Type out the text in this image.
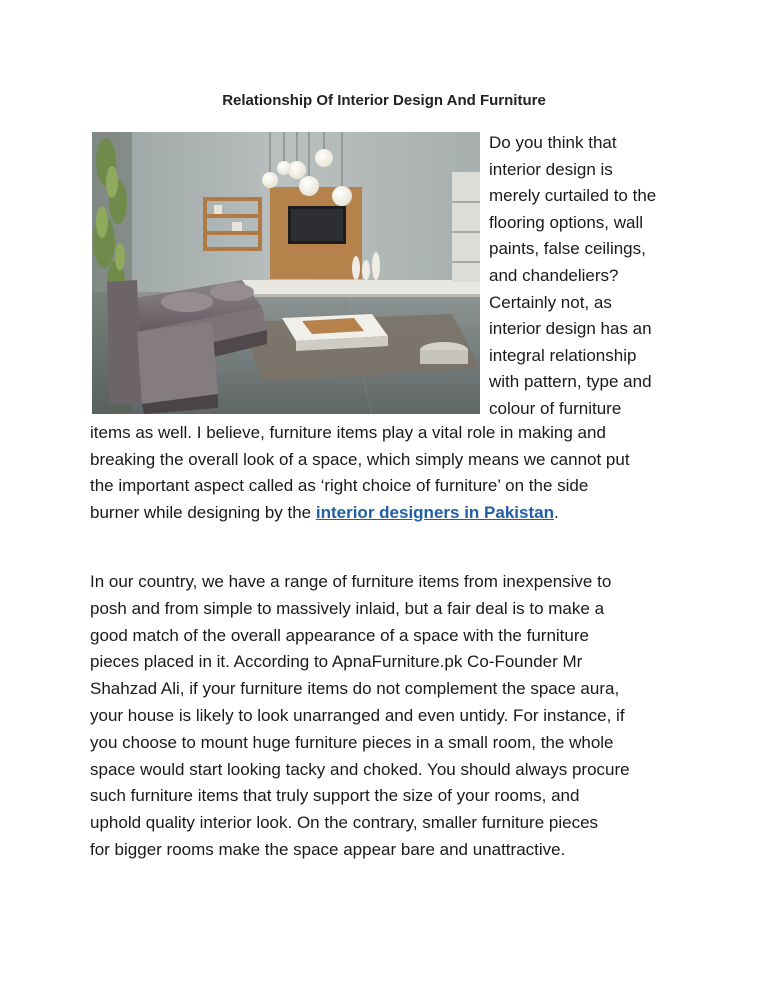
Relationship Of Interior Design And Furniture
Do you think that
interior design is
merely curtailed to the
flooring options, wall
paints, false ceilings,
and chandeliers?
Certainly not, as
interior design has an
integral relationship
with pattern, type and
colour of furniture
items as well. I believe, furniture items play a vital role in making and
breaking the overall look of a space, which simply means we cannot put
the important aspect called as ‘right choice of furniture’ on the side
burner while designing by the interior designers in Pakistan.
In our country, we have a range of furniture items from inexpensive to
posh and from simple to massively inlaid, but a fair deal is to make a
good match of the overall appearance of a space with the furniture
pieces placed in it. According to ApnaFurniture.pk Co-Founder Mr
Shahzad Ali, if your furniture items do not complement the space aura,
your house is likely to look unarranged and even untidy. For instance, if
you choose to mount huge furniture pieces in a small room, the whole
space would start looking tacky and choked. You should always procure
such furniture items that truly support the size of your rooms, and
uphold quality interior look. On the contrary, smaller furniture pieces
for bigger rooms make the space appear bare and unattractive.
